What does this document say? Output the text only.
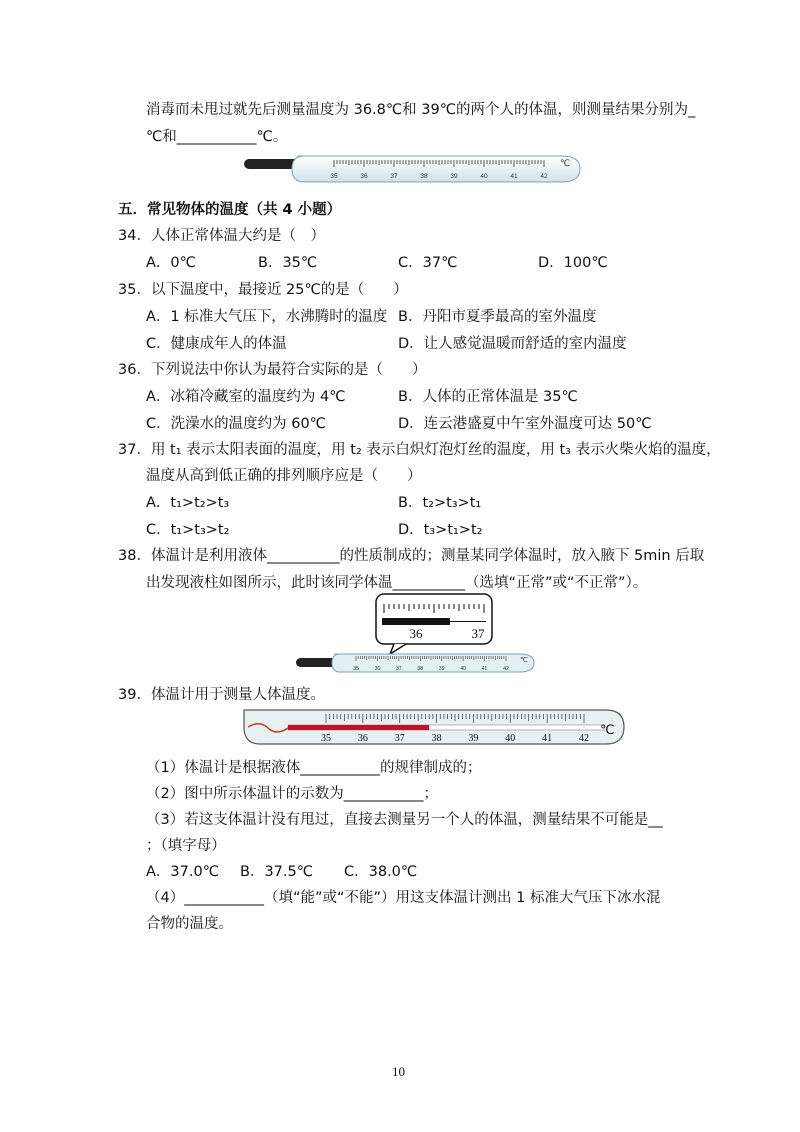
消毒而未甩过就先后测量温度为 36.8℃和 39℃的两个人的体温，则测量结果分别为_
℃和___________℃。
35	36	37	38	39	40	41	42
℃
五．常见物体的温度（共 4 小题）
34．人体正常体温大约是（　）
A．0℃	B．35℃	C．37℃	D．100℃
35．以下温度中，最接近 25℃的是（　　）
A．1 标准大气压下，水沸腾时的温度 B．丹阳市夏季最高的室外温度
C．健康成年人的体温	D．让人感觉温暖而舒适的室内温度
36．下列说法中你认为最符合实际的是（　　）
A．冰箱冷藏室的温度约为 4℃	B．人体的正常体温是 35℃
C．洗澡水的温度约为 60℃	D．连云港盛夏中午室外温度可达 50℃
37．用 t₁ 表示太阳表面的温度，用 t₂ 表示白炽灯泡灯丝的温度，用 t₃ 表示火柴火焰的温度，
温度从高到低正确的排列顺序应是（　　）
A．t₁>t₂>t₃	B．t₂>t₃>t₁
C．t₁>t₃>t₂	D．t₃>t₁>t₂
38．体温计是利用液体__________的性质制成的；测量某同学体温时，放入腋下 5min 后取
出发现液柱如图所示，此时该同学体温__________（选填“正常”或“不正常”）。
36	37
35	36	37	38	39	40	41	42
℃
39．体温计用于测量人体温度。
35	36	37	38	39	40	41	42
℃
（1）体温计是根据液体___________的规律制成的；
（2）图中所示体温计的示数为___________；
（3）若这支体温计没有甩过，直接去测量另一个人的体温，测量结果不可能是__
；（填字母）
A．37.0℃ B．37.5℃ C．38.0℃
（4）___________（填“能”或“不能”）用这支体温计测出 1 标准大气压下冰水混
合物的温度。
10
